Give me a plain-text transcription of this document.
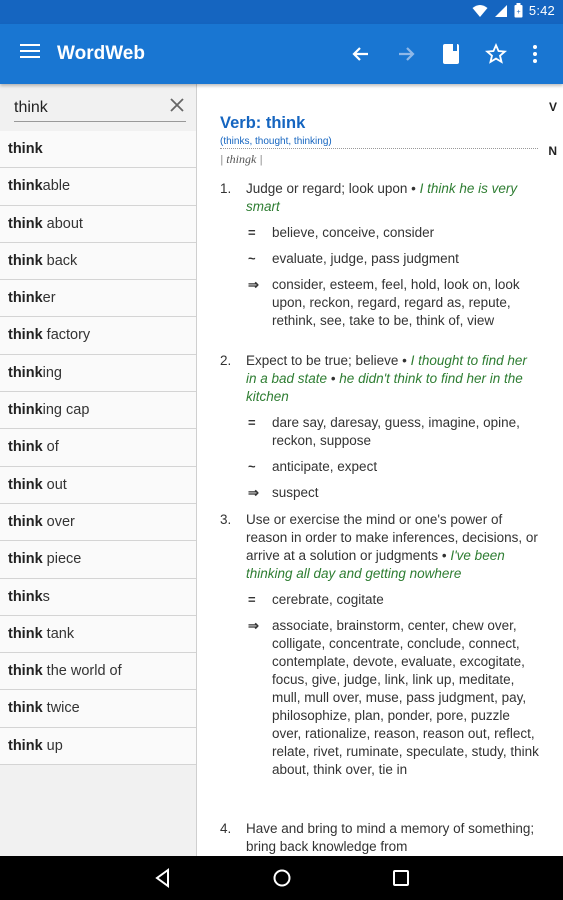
+ 5:42
WordWeb
think
think
thinkable
think about
think back
thinker
think factory
thinking
thinking cap
think of
think out
think over
think piece
thinks
think tank
think the world of
think twice
think up
V
N
Verb: think
(thinks, thought, thinking)
| thingk |
1. Judge or regard; look upon • I think he is very smart
= believe, conceive, consider
~ evaluate, judge, pass judgment
⇒ consider, esteem, feel, hold, look on, look upon, reckon, regard, regard as, repute, rethink, see, take to be, think of, view
2. Expect to be true; believe • I thought to find her in a bad state • he didn't think to find her in the kitchen
= dare say, daresay, guess, imagine, opine, reckon, suppose
~ anticipate, expect
⇒ suspect
3. Use or exercise the mind or one's power of reason in order to make inferences, decisions, or arrive at a solution or judgments • I've been thinking all day and getting nowhere
= cerebrate, cogitate
⇒ associate, brainstorm, center, chew over, colligate, concentrate, conclude, connect, contemplate, devote, evaluate, excogitate, focus, give, judge, link, link up, meditate, mull, mull over, muse, pass judgment, pay, philosophize, plan, ponder, pore, puzzle over, rationalize, reason, reason out, reflect, relate, rivet, ruminate, speculate, study, think about, think over, tie in
4. Have and bring to mind a memory of something; bring back knowledge from
